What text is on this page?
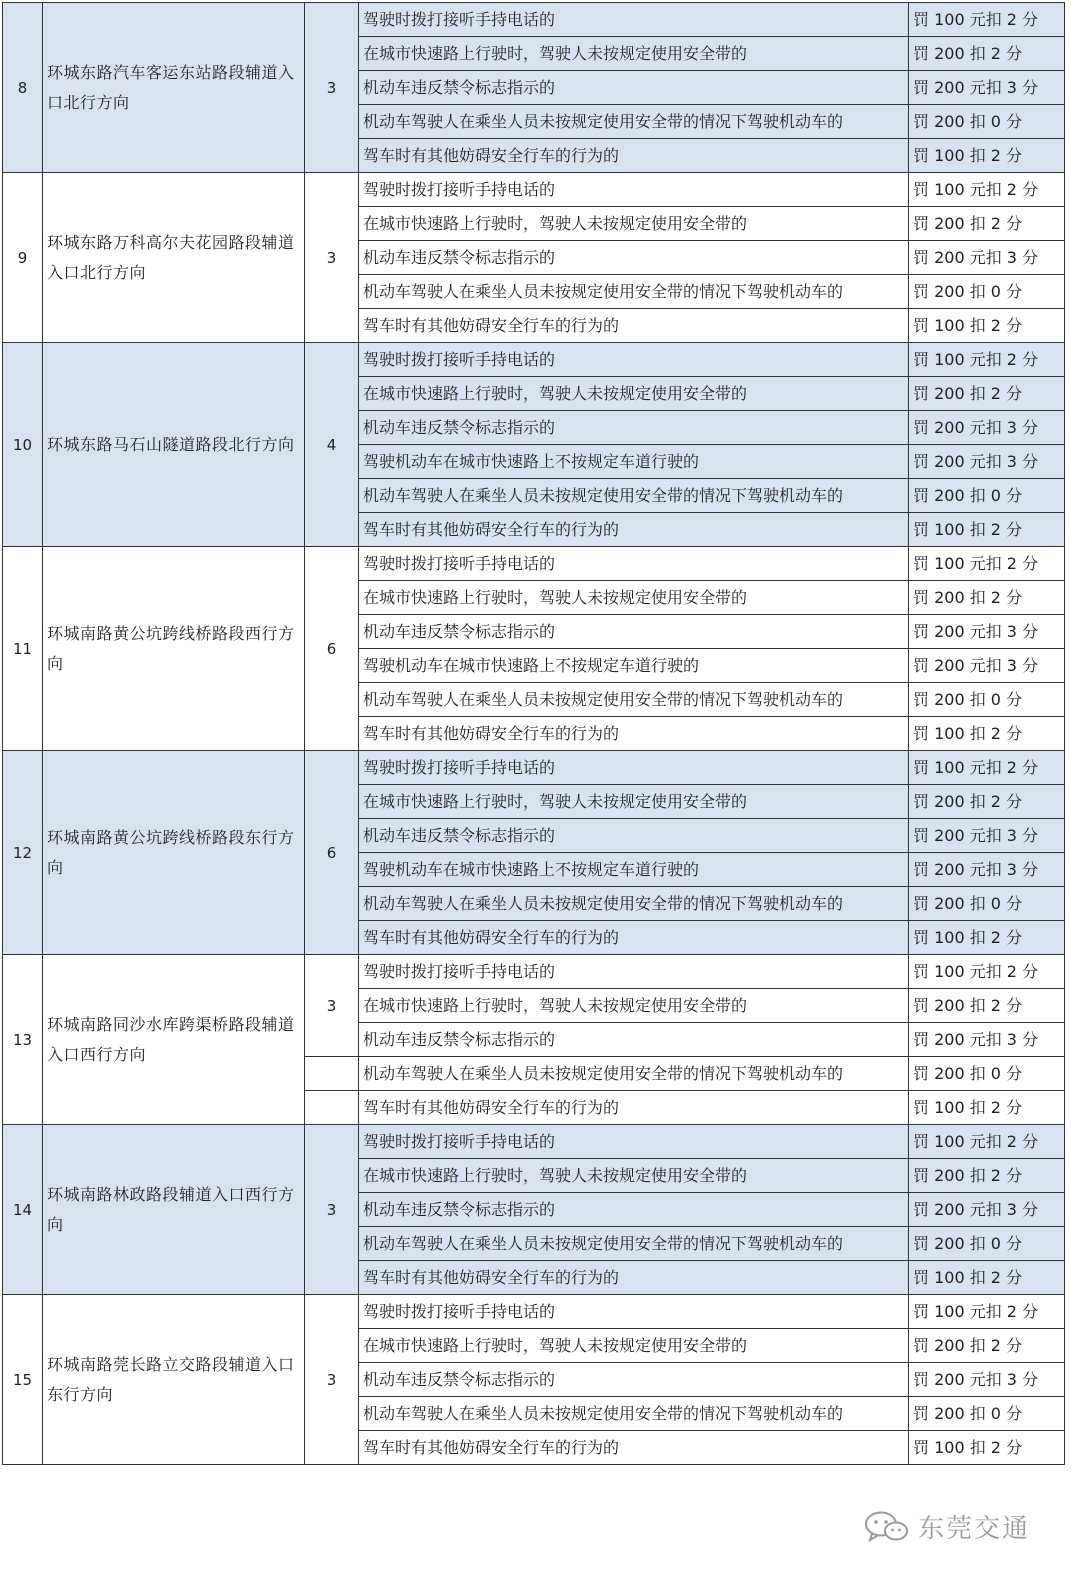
8	环城东路汽车客运东站路段辅道入口北行方向	3	驾驶时拨打接听手持电话的	罚 100 元扣 2 分
			在城市快速路上行驶时，驾驶人未按规定使用安全带的	罚 200 扣 2 分
			机动车违反禁令标志指示的	罚 200 元扣 3 分
			机动车驾驶人在乘坐人员未按规定使用安全带的情况下驾驶机动车的	罚 200 扣 0 分
			驾车时有其他妨碍安全行车的行为的	罚 100 扣 2 分
9	环城东路万科高尔夫花园路段辅道入口北行方向	3	驾驶时拨打接听手持电话的	罚 100 元扣 2 分
			在城市快速路上行驶时，驾驶人未按规定使用安全带的	罚 200 扣 2 分
			机动车违反禁令标志指示的	罚 200 元扣 3 分
			机动车驾驶人在乘坐人员未按规定使用安全带的情况下驾驶机动车的	罚 200 扣 0 分
			驾车时有其他妨碍安全行车的行为的	罚 100 扣 2 分
10	环城东路马石山隧道路段北行方向	4	驾驶时拨打接听手持电话的	罚 100 元扣 2 分
			在城市快速路上行驶时，驾驶人未按规定使用安全带的	罚 200 扣 2 分
			机动车违反禁令标志指示的	罚 200 元扣 3 分
			驾驶机动车在城市快速路上不按规定车道行驶的	罚 200 元扣 3 分
			机动车驾驶人在乘坐人员未按规定使用安全带的情况下驾驶机动车的	罚 200 扣 0 分
			驾车时有其他妨碍安全行车的行为的	罚 100 扣 2 分
11	环城南路黄公坑跨线桥路段西行方向	6	驾驶时拨打接听手持电话的	罚 100 元扣 2 分
			在城市快速路上行驶时，驾驶人未按规定使用安全带的	罚 200 扣 2 分
			机动车违反禁令标志指示的	罚 200 元扣 3 分
			驾驶机动车在城市快速路上不按规定车道行驶的	罚 200 元扣 3 分
			机动车驾驶人在乘坐人员未按规定使用安全带的情况下驾驶机动车的	罚 200 扣 0 分
			驾车时有其他妨碍安全行车的行为的	罚 100 扣 2 分
12	环城南路黄公坑跨线桥路段东行方向	6	驾驶时拨打接听手持电话的	罚 100 元扣 2 分
			在城市快速路上行驶时，驾驶人未按规定使用安全带的	罚 200 扣 2 分
			机动车违反禁令标志指示的	罚 200 元扣 3 分
			驾驶机动车在城市快速路上不按规定车道行驶的	罚 200 元扣 3 分
			机动车驾驶人在乘坐人员未按规定使用安全带的情况下驾驶机动车的	罚 200 扣 0 分
			驾车时有其他妨碍安全行车的行为的	罚 100 扣 2 分
13	环城南路同沙水库跨渠桥路段辅道入口西行方向	3	驾驶时拨打接听手持电话的	罚 100 元扣 2 分
			在城市快速路上行驶时，驾驶人未按规定使用安全带的	罚 200 扣 2 分
			机动车违反禁令标志指示的	罚 200 元扣 3 分
			机动车驾驶人在乘坐人员未按规定使用安全带的情况下驾驶机动车的	罚 200 扣 0 分
			驾车时有其他妨碍安全行车的行为的	罚 100 扣 2 分
14	环城南路林政路段辅道入口西行方向	3	驾驶时拨打接听手持电话的	罚 100 元扣 2 分
			在城市快速路上行驶时，驾驶人未按规定使用安全带的	罚 200 扣 2 分
			机动车违反禁令标志指示的	罚 200 元扣 3 分
			机动车驾驶人在乘坐人员未按规定使用安全带的情况下驾驶机动车的	罚 200 扣 0 分
			驾车时有其他妨碍安全行车的行为的	罚 100 扣 2 分
15	环城南路莞长路立交路段辅道入口东行方向	3	驾驶时拨打接听手持电话的	罚 100 元扣 2 分
			在城市快速路上行驶时，驾驶人未按规定使用安全带的	罚 200 扣 2 分
			机动车违反禁令标志指示的	罚 200 元扣 3 分
			机动车驾驶人在乘坐人员未按规定使用安全带的情况下驾驶机动车的	罚 200 扣 0 分
			驾车时有其他妨碍安全行车的行为的	罚 100 扣 2 分
东莞交通
